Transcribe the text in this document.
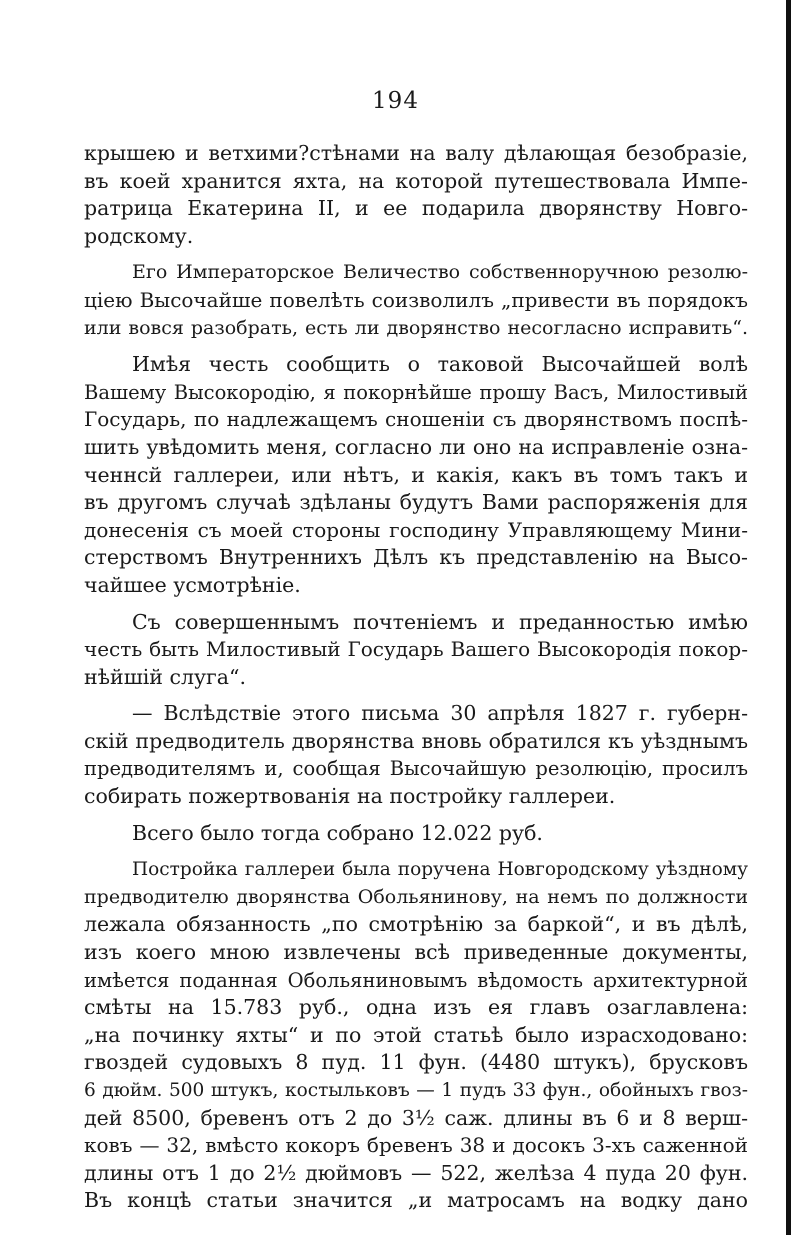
194
крышею и ветхими?стѣнами на валу дѣлающая безобразіе,
въ коей хранится яхта, на которой путешествовала Импе-
ратрица Екатерина II, и ее подарила дворянству Новго-
родскому.
Его Императорское Величество собственноручною резолю-
ціею Высочайше повелѣть соизволилъ „привести въ порядокъ
или вовся разобрать, есть ли дворянство несогласно исправить“.
Имѣя честь сообщить о таковой Высочайшей волѣ
Вашему Высокородію, я покорнѣйше прошу Васъ, Милостивый
Государь, по надлежащемъ сношеніи съ дворянствомъ поспѣ-
шить увѣдомить меня, согласно ли оно на исправленіе озна-
ченнсй галлереи, или нѣтъ, и какія, какъ въ томъ такъ и
въ другомъ случаѣ здѣланы будутъ Вами распоряженія для
донесенія съ моей стороны господину Управляющему Мини-
стерствомъ Внутреннихъ Дѣлъ къ представленію на Высо-
чайшее усмотрѣніе.
Съ совершеннымъ почтеніемъ и преданностью имѣю
честь быть Милостивый Государь Вашего Высокородія покор-
нѣйшій слуга“.
— Вслѣдствіе этого письма 30 апрѣля 1827 г. губерн-
скій предводитель дворянства вновь обратился къ уѣзднымъ
предводителямъ и, сообщая Высочайшую резолюцію, просилъ
собирать пожертвованія на постройку галлереи.
Всего было тогда собрано 12.022 руб.
Постройка галлереи была поручена Новгородскому уѣздному
предводителю дворянства Обольянинову, на немъ по должности
лежала обязанность „по смотрѣнію за баркой“, и въ дѣлѣ,
изъ коего мною извлечены всѣ приведенные документы,
имѣется поданная Обольяниновымъ вѣдомость архитектурной
смѣты на 15.783 руб., одна изъ ея главъ озаглавлена:
„на починку яхты“ и по этой статьѣ было израсходовано:
гвоздей судовыхъ 8 пуд. 11 фун. (4480 штукъ), брусковъ
6 дюйм. 500 штукъ, костыльковъ — 1 пудъ 33 фун., обойныхъ гвоз-
дей 8500, бревенъ отъ 2 до 3½ саж. длины въ 6 и 8 верш-
ковъ — 32, вмѣсто кокоръ бревенъ 38 и досокъ 3-хъ саженной
длины отъ 1 до 2½ дюймовъ — 522, желѣза 4 пуда 20 фун.
Въ концѣ статьи значится „и матросамъ на водку дано
